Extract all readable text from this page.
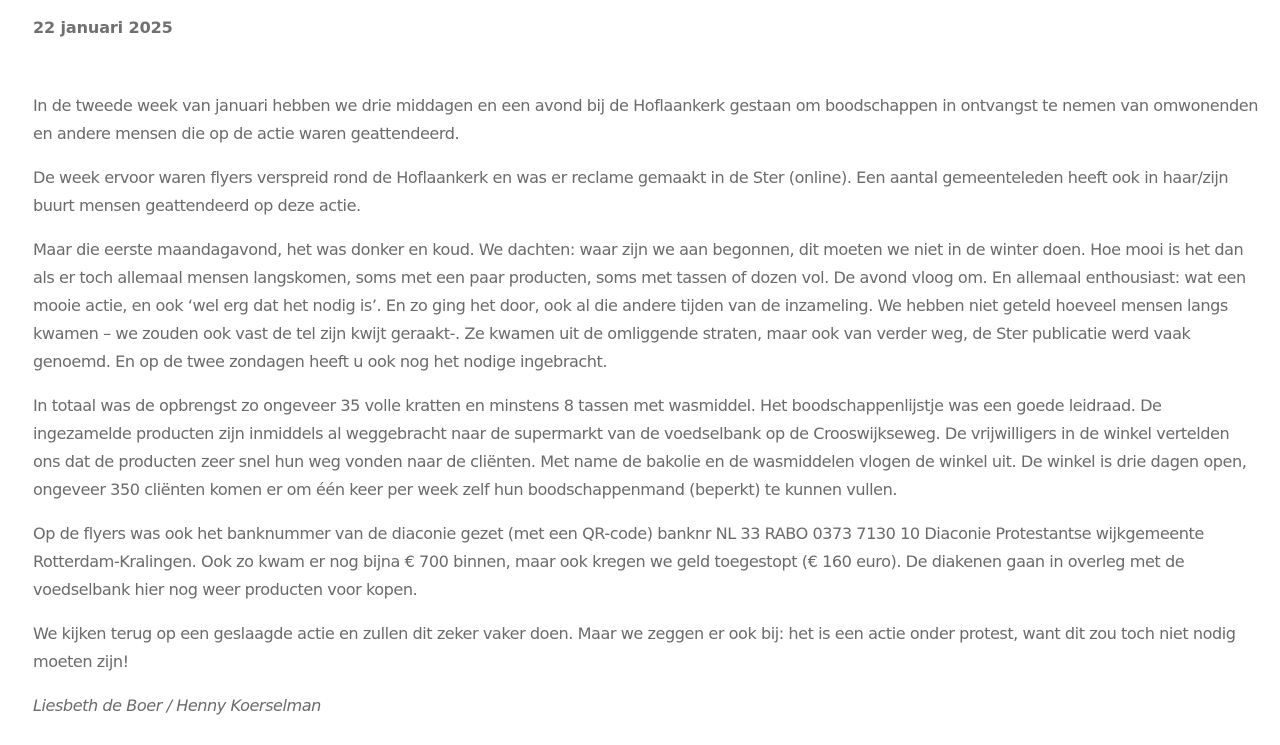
22 januari 2025

In de tweede week van januari hebben we drie middagen en een avond bij de Hoflaankerk gestaan om boodschappen in ontvangst te nemen van omwonenden en andere mensen die op de actie waren geattendeerd.

De week ervoor waren flyers verspreid rond de Hoflaankerk en was er reclame gemaakt in de Ster (online). Een aantal gemeenteleden heeft ook in haar/zijn buurt mensen geattendeerd op deze actie.

Maar die eerste maandagavond, het was donker en koud. We dachten: waar zijn we aan begonnen, dit moeten we niet in de winter doen. Hoe mooi is het dan als er toch allemaal mensen langskomen, soms met een paar producten, soms met tassen of dozen vol. De avond vloog om. En allemaal enthousiast: wat een mooie actie, en ook ‘wel erg dat het nodig is’. En zo ging het door, ook al die andere tijden van de inzameling. We hebben niet geteld hoeveel mensen langs kwamen – we zouden ook vast de tel zijn kwijt geraakt-. Ze kwamen uit de omliggende straten, maar ook van verder weg, de Ster publicatie werd vaak genoemd. En op de twee zondagen heeft u ook nog het nodige ingebracht.

In totaal was de opbrengst zo ongeveer 35 volle kratten en minstens 8 tassen met wasmiddel. Het boodschappenlijstje was een goede leidraad. De ingezamelde producten zijn inmiddels al weggebracht naar de supermarkt van de voedselbank op de Crooswijkseweg. De vrijwilligers in de winkel vertelden ons dat de producten zeer snel hun weg vonden naar de cliënten. Met name de bakolie en de wasmiddelen vlogen de winkel uit. De winkel is drie dagen open, ongeveer 350 cliënten komen er om één keer per week zelf hun boodschappenmand (beperkt) te kunnen vullen.

Op de flyers was ook het banknummer van de diaconie gezet (met een QR-code) banknr NL 33 RABO 0373 7130 10 Diaconie Protestantse wijkgemeente Rotterdam-Kralingen. Ook zo kwam er nog bijna € 700 binnen, maar ook kregen we geld toegestopt (€ 160 euro). De diakenen gaan in overleg met de voedselbank hier nog weer producten voor kopen.

We kijken terug op een geslaagde actie en zullen dit zeker vaker doen. Maar we zeggen er ook bij: het is een actie onder protest, want dit zou toch niet nodig moeten zijn!

Liesbeth de Boer / Henny Koerselman
